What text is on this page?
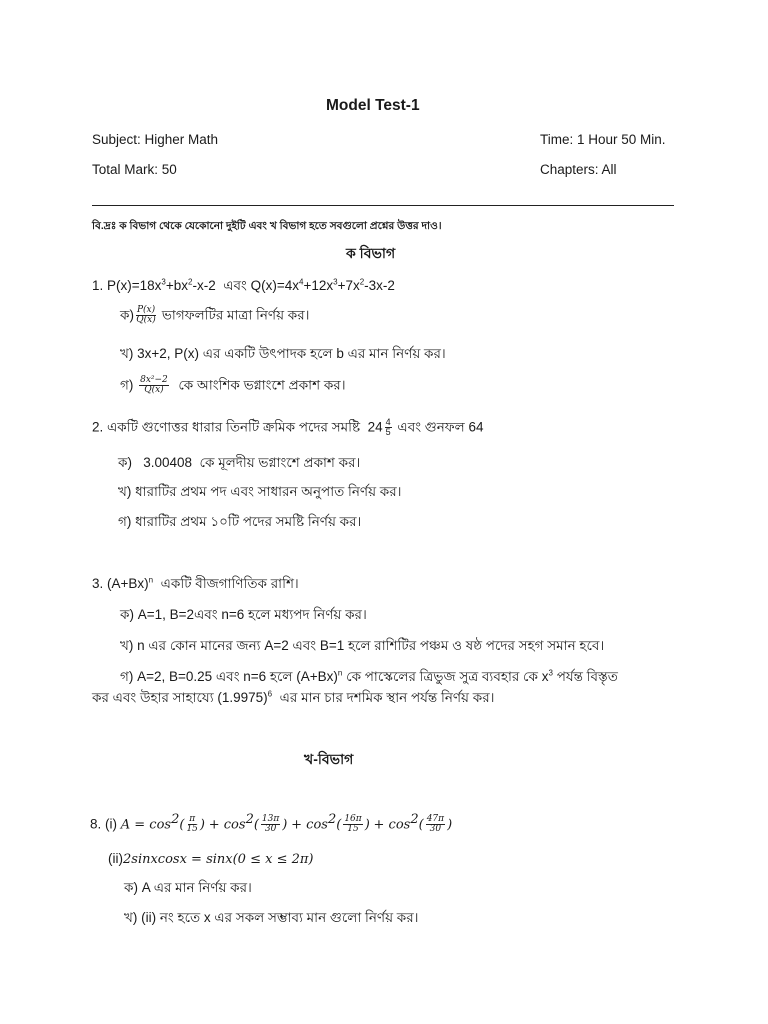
Model Test-1
Subject: Higher Math	Time: 1 Hour 50 Min.
Total Mark: 50	Chapters: All
বি.দ্রঃ ক বিভাগ থেকে যেকোনো দুইটি এবং খ বিভাগ হতে সবগুলো প্রশ্নের উত্তর দাও।
ক বিভাগ
1. $P(x)=18x^3+bx^2-x-2$ এবং $Q(x)=4x^4+12x^3+7x^2-3x-2$
ক) $\frac{P(x)}{Q(x)}$ ভাগফলটির মাত্রা নির্ণয় কর।
খ) 3x+2, P(x) এর একটি উৎপাদক হলে b এর মান নির্ণয় কর।
গ) $\frac{\text{8x²−2}}{Q(x)}$ কে আংশিক ভগ্নাংশে প্রকাশ কর।
2. একটি গুণোত্তর ধারার তিনটি ক্রমিক পদের সমষ্টি $24 \frac{4}{5}$ এবং গুনফল 64
ক) 3.00408 কে মূলদীয় ভগ্নাংশে প্রকাশ কর।
খ) ধারাটির প্রথম পদ এবং সাধারন অনুপাত নির্ণয় কর।
গ) ধারাটির প্রথম ১০টি পদের সমষ্টি নির্ণয় কর।
3. $(A+Bx)^n$ একটি বীজগাণিতিক রাশি।
ক) A=1, B=2এবং n=6 হলে মধ্যপদ নির্ণয় কর।
খ) n এর কোন মানের জন্য A=2 এবং B=1 হলে রাশিটির পঞ্চম ও ষষ্ঠ পদের সহগ সমান হবে।
গ) A=2, B=0.25 এবং n=6 হলে $(A+Bx)^n$ কে পাস্কেলের ত্রিভুজ সুত্র ব্যবহার কে $x^3$ পর্যন্ত বিস্তৃত
কর এবং উহার সাহায্যে $(1.9975)^6$ এর মান চার দশমিক স্থান পর্যন্ত নির্ণয় কর।
খ-বিভাগ
8. (i) $A = \cos^2( \frac{\pi}{15}$ ) + $\cos^2( \frac{13\pi}{30}$ ) + $\cos^2( \frac{16\pi}{15}$ ) + $\cos^2( \frac{47\pi}{30}$ )
(ii)2sinxcosx = sinx(0 ≤ x ≤ 2π)
ক) A এর মান নির্ণয় কর।
খ) (ii) নং হতে x এর সকল সম্ভাব্য মান গুলো নির্ণয় কর।
